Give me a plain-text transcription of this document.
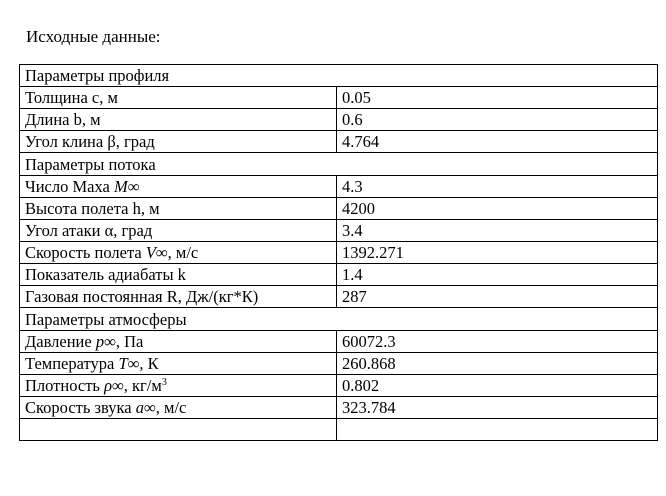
Исходные данные:
Параметры профиля	
Толщина c, м	0.05
Длина b, м	0.6
Угол клина β, град	4.764
Параметры потока	
Число Маха M∞	4.3
Высота полета h, м	4200
Угол атаки α, град	3.4
Скорость полета V∞, м/с	1392.271
Показатель адиабаты k	1.4
Газовая постоянная R, Дж/(кг*К)	287
Параметры атмосферы	
Давление p∞, Па	60072.3
Температура T∞, К	260.868
Плотность ρ∞, $кг/м^3$	0.802
Скорость звука a∞, м/с	323.784
